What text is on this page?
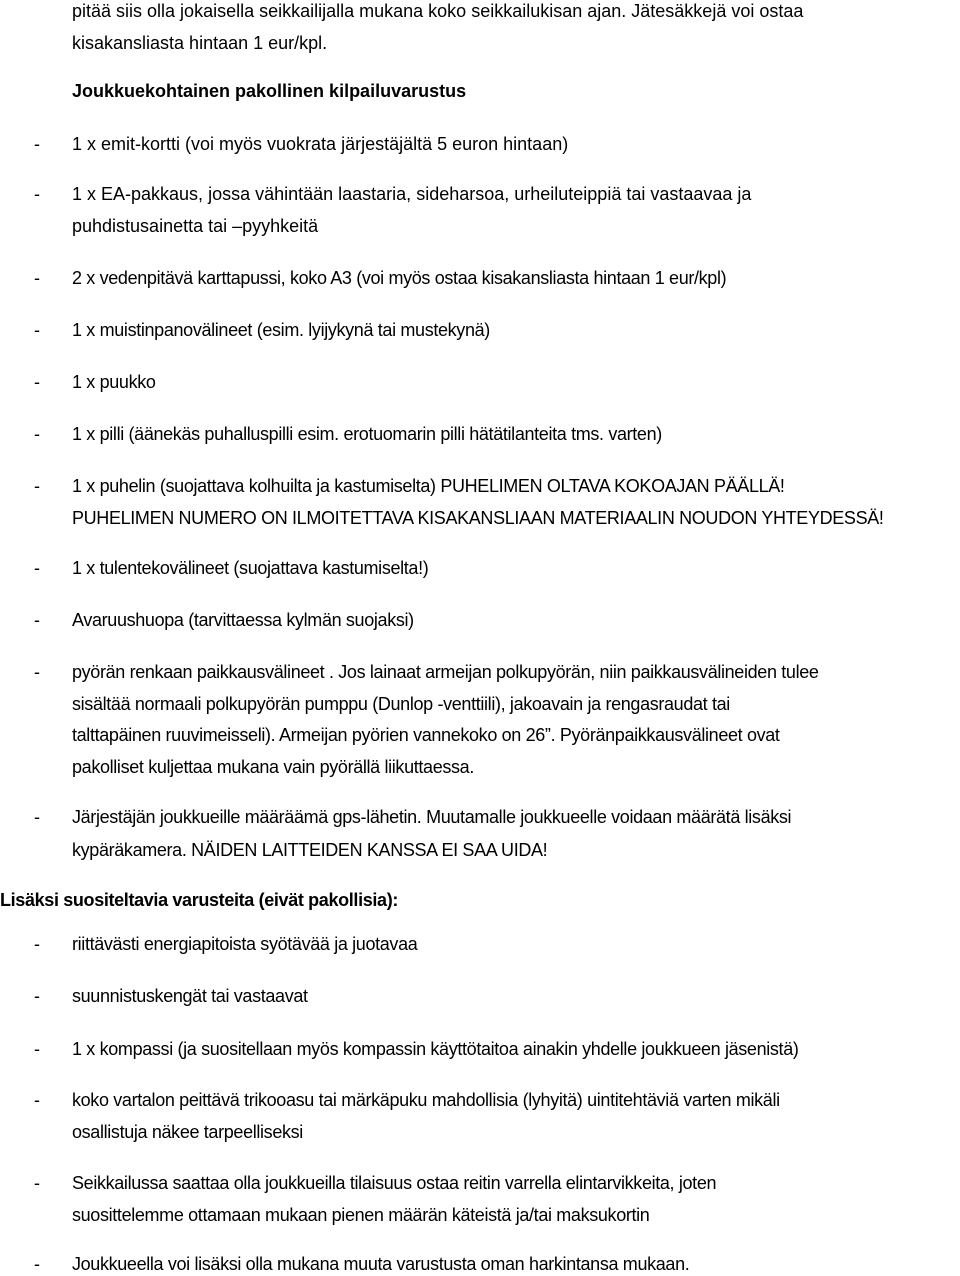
pitää siis olla jokaisella seikkailijalla mukana koko seikkailukisan ajan. Jätesäkkejä voi ostaa
kisakansliasta hintaan 1 eur/kpl.
Joukkuekohtainen pakollinen kilpailuvarustus
- 1 x emit-kortti (voi myös vuokrata järjestäjältä 5 euron hintaan)
- 1 x EA-pakkaus, jossa vähintään laastaria, sideharsoa, urheiluteippiä tai vastaavaa ja
puhdistusainetta tai –pyyhkeitä
- 2 x vedenpitävä karttapussi, koko A3 (voi myös ostaa kisakansliasta hintaan 1 eur/kpl)
- 1 x muistinpanovälineet (esim. lyijykynä tai mustekynä)
- 1 x puukko
- 1 x pilli (äänekäs puhalluspilli esim. erotuomarin pilli hätätilanteita tms. varten)
- 1 x puhelin (suojattava kolhuilta ja kastumiselta) PUHELIMEN OLTAVA KOKOAJAN PÄÄLLÄ!
PUHELIMEN NUMERO ON ILMOITETTAVA KISAKANSLIAAN MATERIAALIN NOUDON YHTEYDESSÄ!
- 1 x tulentekovälineet (suojattava kastumiselta!)
- Avaruushuopa (tarvittaessa kylmän suojaksi)
- pyörän renkaan paikkausvälineet . Jos lainaat armeijan polkupyörän, niin paikkausvälineiden tulee
sisältää normaali polkupyörän pumppu (Dunlop -venttiili), jakoavain ja rengasraudat tai
talttapäinen ruuvimeisseli). Armeijan pyörien vannekoko on 26”. Pyöränpaikkausvälineet ovat
pakolliset kuljettaa mukana vain pyörällä liikuttaessa.
- Järjestäjän joukkueille määräämä gps-lähetin. Muutamalle joukkueelle voidaan määrätä lisäksi
kypäräkamera. NÄIDEN LAITTEIDEN KANSSA EI SAA UIDA!
Lisäksi suositeltavia varusteita (eivät pakollisia):
- riittävästi energiapitoista syötävää ja juotavaa
- suunnistuskengät tai vastaavat
- 1 x kompassi (ja suositellaan myös kompassin käyttötaitoa ainakin yhdelle joukkueen jäsenistä)
- koko vartalon peittävä trikooasu tai märkäpuku mahdollisia (lyhyitä) uintitehtäviä varten mikäli
osallistuja näkee tarpeelliseksi
- Seikkailussa saattaa olla joukkueilla tilaisuus ostaa reitin varrella elintarvikkeita, joten
suosittelemme ottamaan mukaan pienen määrän käteistä ja/tai maksukortin
- Joukkueella voi lisäksi olla mukana muuta varustusta oman harkintansa mukaan.
